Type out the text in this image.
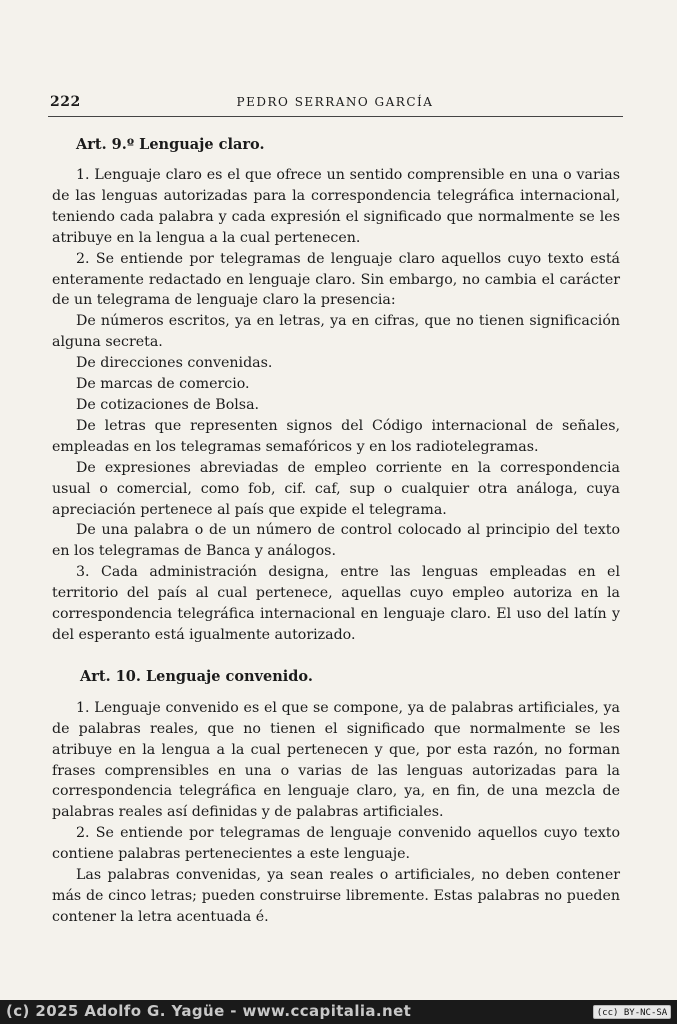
222	PEDRO SERRANO GARCÍA
Art. 9.º Lenguaje claro.

1. Lenguaje claro es el que ofrece un sentido comprensible en una o varias de las lenguas autorizadas para la correspondencia telegráfica internacional, teniendo cada palabra y cada expresión el significado que normalmente se les atribuye en la lengua a la cual pertenecen.

2. Se entiende por telegramas de lenguaje claro aquellos cuyo texto está enteramente redactado en lenguaje claro. Sin embargo, no cambia el carácter de un telegrama de lenguaje claro la presencia:

De números escritos, ya en letras, ya en cifras, que no tienen significación alguna secreta.

De direcciones convenidas.

De marcas de comercio.

De cotizaciones de Bolsa.

De letras que representen signos del Código internacional de señales, empleadas en los telegramas semafóricos y en los radiotelegramas.

De expresiones abreviadas de empleo corriente en la correspondencia usual o comercial, como fob, cif. caf, sup o cualquier otra análoga, cuya apreciación pertenece al país que expide el telegrama.

De una palabra o de un número de control colocado al principio del texto en los telegramas de Banca y análogos.

3. Cada administración designa, entre las lenguas empleadas en el territorio del país al cual pertenece, aquellas cuyo empleo autoriza en la correspondencia telegráfica internacional en lenguaje claro. El uso del latín y del esperanto está igualmente autorizado.

Art. 10. Lenguaje convenido.

1. Lenguaje convenido es el que se compone, ya de palabras artificiales, ya de palabras reales, que no tienen el significado que normalmente se les atribuye en la lengua a la cual pertenecen y que, por esta razón, no forman frases comprensibles en una o varias de las lenguas autorizadas para la correspondencia telegráfica en lenguaje claro, ya, en fin, de una mezcla de palabras reales así definidas y de palabras artificiales.

2. Se entiende por telegramas de lenguaje convenido aquellos cuyo texto contiene palabras pertenecientes a este lenguaje.

Las palabras convenidas, ya sean reales o artificiales, no deben contener más de cinco letras; pueden construirse libremente. Estas palabras no pueden contener la letra acentuada é.

(c) 2025 Adolfo G. Yagüe - www.ccapitalia.net	(cc) BY-NC-SA
